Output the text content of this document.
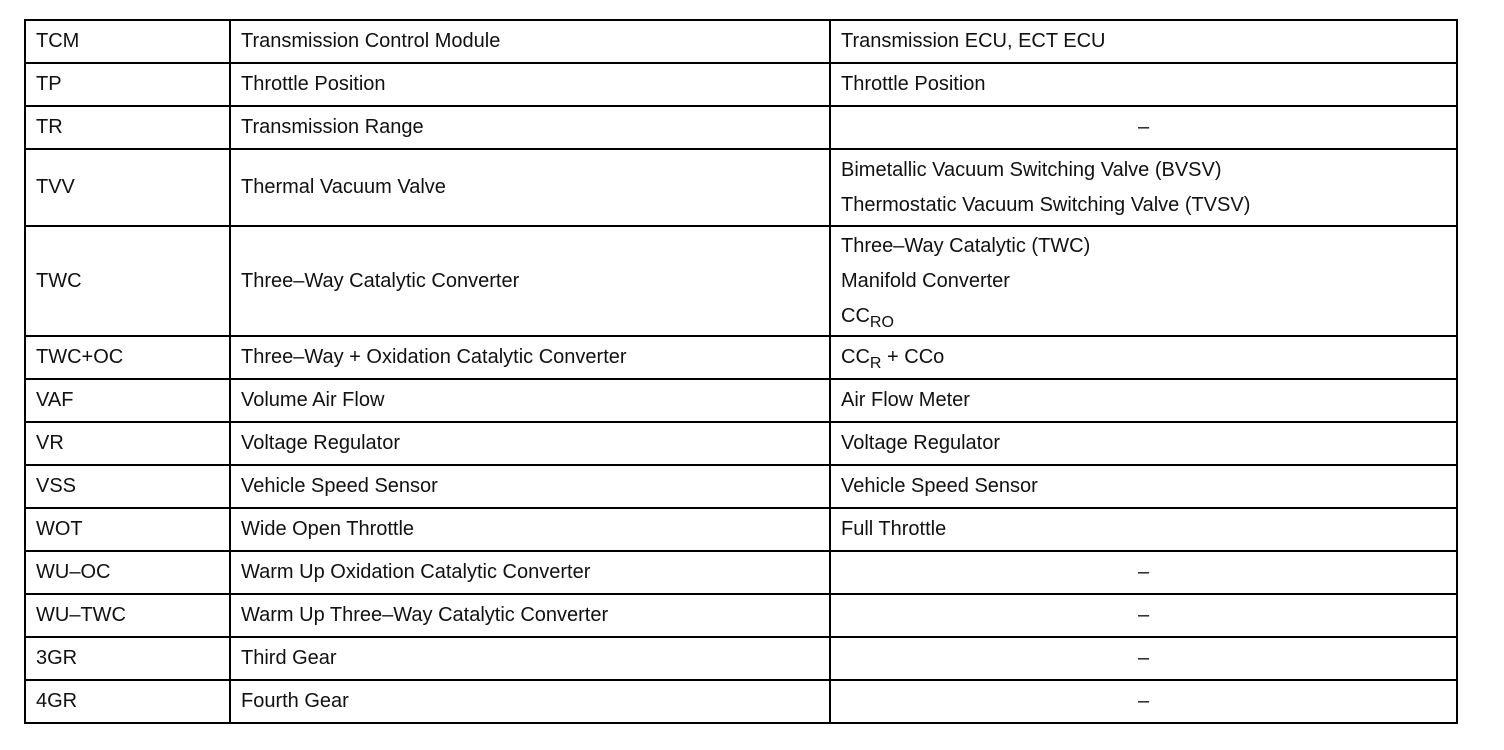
TCM	Transmission Control Module	Transmission ECU, ECT ECU

TP	Throttle Position	Throttle Position

TR	Transmission Range	–
TVV	Thermal Vacuum Valve	Bimetallic Vacuum Switching Valve (BVSV)
Thermostatic Vacuum Switching Valve (TVSV)

TWC	Three–Way Catalytic Converter	Three–Way Catalytic (TWC)
Manifold Converter
$CC_{RO}$

TWC+OC	Three–Way + Oxidation Catalytic Converter	$CC_R$ + CCo

VAF	Volume Air Flow	Air Flow Meter

VR	Voltage Regulator	Voltage Regulator

VSS	Vehicle Speed Sensor	Vehicle Speed Sensor

WOT	Wide Open Throttle	Full Throttle

WU–OC	Warm Up Oxidation Catalytic Converter	–
WU–TWC	Warm Up Three–Way Catalytic Converter	–
3GR	Third Gear	–
4GR	Fourth Gear	–
